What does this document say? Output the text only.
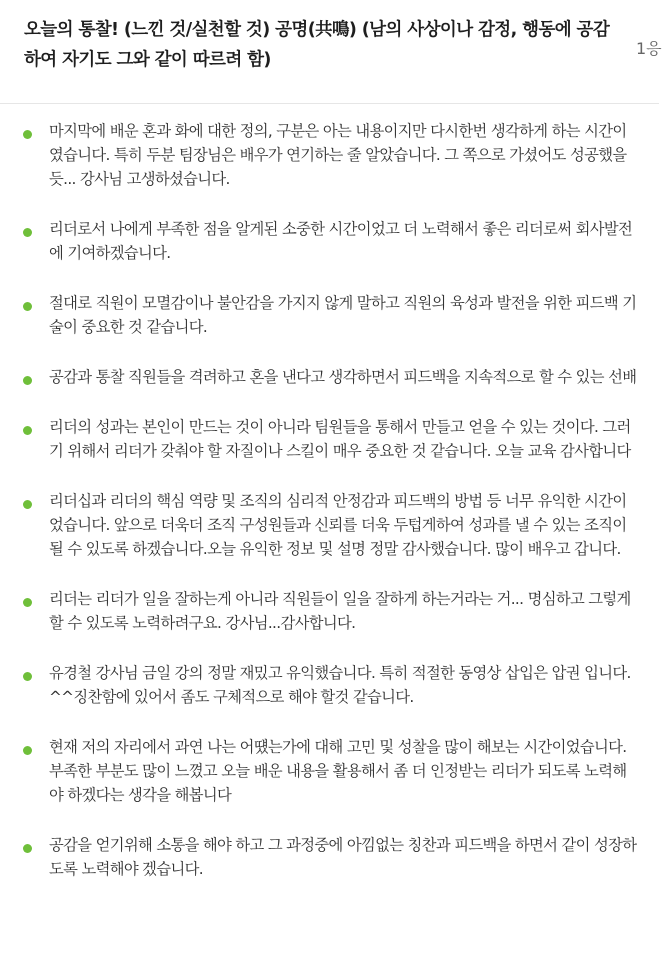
오늘의 통찰! (느낀 것/실천할 것) 공명(共鳴) (남의 사상이나 감정, 행동에 공감하여 자기도 그와 같이 따르려 함)
1응
마지막에 배운 혼과 화에 대한 정의, 구분은 아는 내용이지만 다시한번 생각하게 하는 시간이였습니다. 특히 두분 팀장님은 배우가 연기하는 줄 알았습니다. 그 쪽으로 가셨어도 성공했을 듯... 강사님 고생하셨습니다.
리더로서 나에게 부족한 점을 알게된 소중한 시간이었고 더 노력해서 좋은 리더로써 회사발전에 기여하겠습니다.
절대로 직원이 모멸감이나 불안감을 가지지 않게 말하고 직원의 육성과 발전을 위한 피드백 기술이 중요한 것 같습니다.
공감과 통찰 직원들을 격려하고 혼을 낸다고 생각하면서 피드백을 지속적으로 할 수 있는 선배
리더의 성과는 본인이 만드는 것이 아니라 팀원들을 통해서 만들고 얻을 수 있는 것이다. 그러기 위해서 리더가 갖춰야 할 자질이나 스킬이 매우 중요한 것 같습니다. 오늘 교육 감사합니다
리더십과 리더의 핵심 역량 및 조직의 심리적 안정감과 피드백의 방법 등 너무 유익한 시간이었습니다. 앞으로 더욱더 조직 구성원들과 신뢰를 더욱 두텁게하여 성과를 낼 수 있는 조직이 될 수 있도록 하겠습니다.오늘 유익한 정보 및 설명 정말 감사했습니다. 많이 배우고 갑니다.
리더는 리더가 일을 잘하는게 아니라 직원들이 일을 잘하게 하는거라는 거... 명심하고 그렇게 할 수 있도록 노력하려구요. 강사님...감사합니다.
유경철 강사님 금일 강의 정말 재밌고 유익했습니다. 특히 적절한 동영상 삽입은 압권 입니다.^^징찬함에 있어서 좀도 구체적으로 해야 할것 같습니다.
현재 저의 자리에서 과연 나는 어떘는가에 대해 고민 및 성찰을 많이 해보는 시간이었습니다. 부족한 부분도 많이 느꼈고 오늘 배운 내용을 활용해서 좀 더 인정받는 리더가 되도록 노력해야 하겠다는 생각을 해봅니다
공감을 얻기위해 소통을 해야 하고 그 과정중에 아낌없는 칭찬과 피드백을 하면서 같이 성장하도록 노력해야 겠습니다.
